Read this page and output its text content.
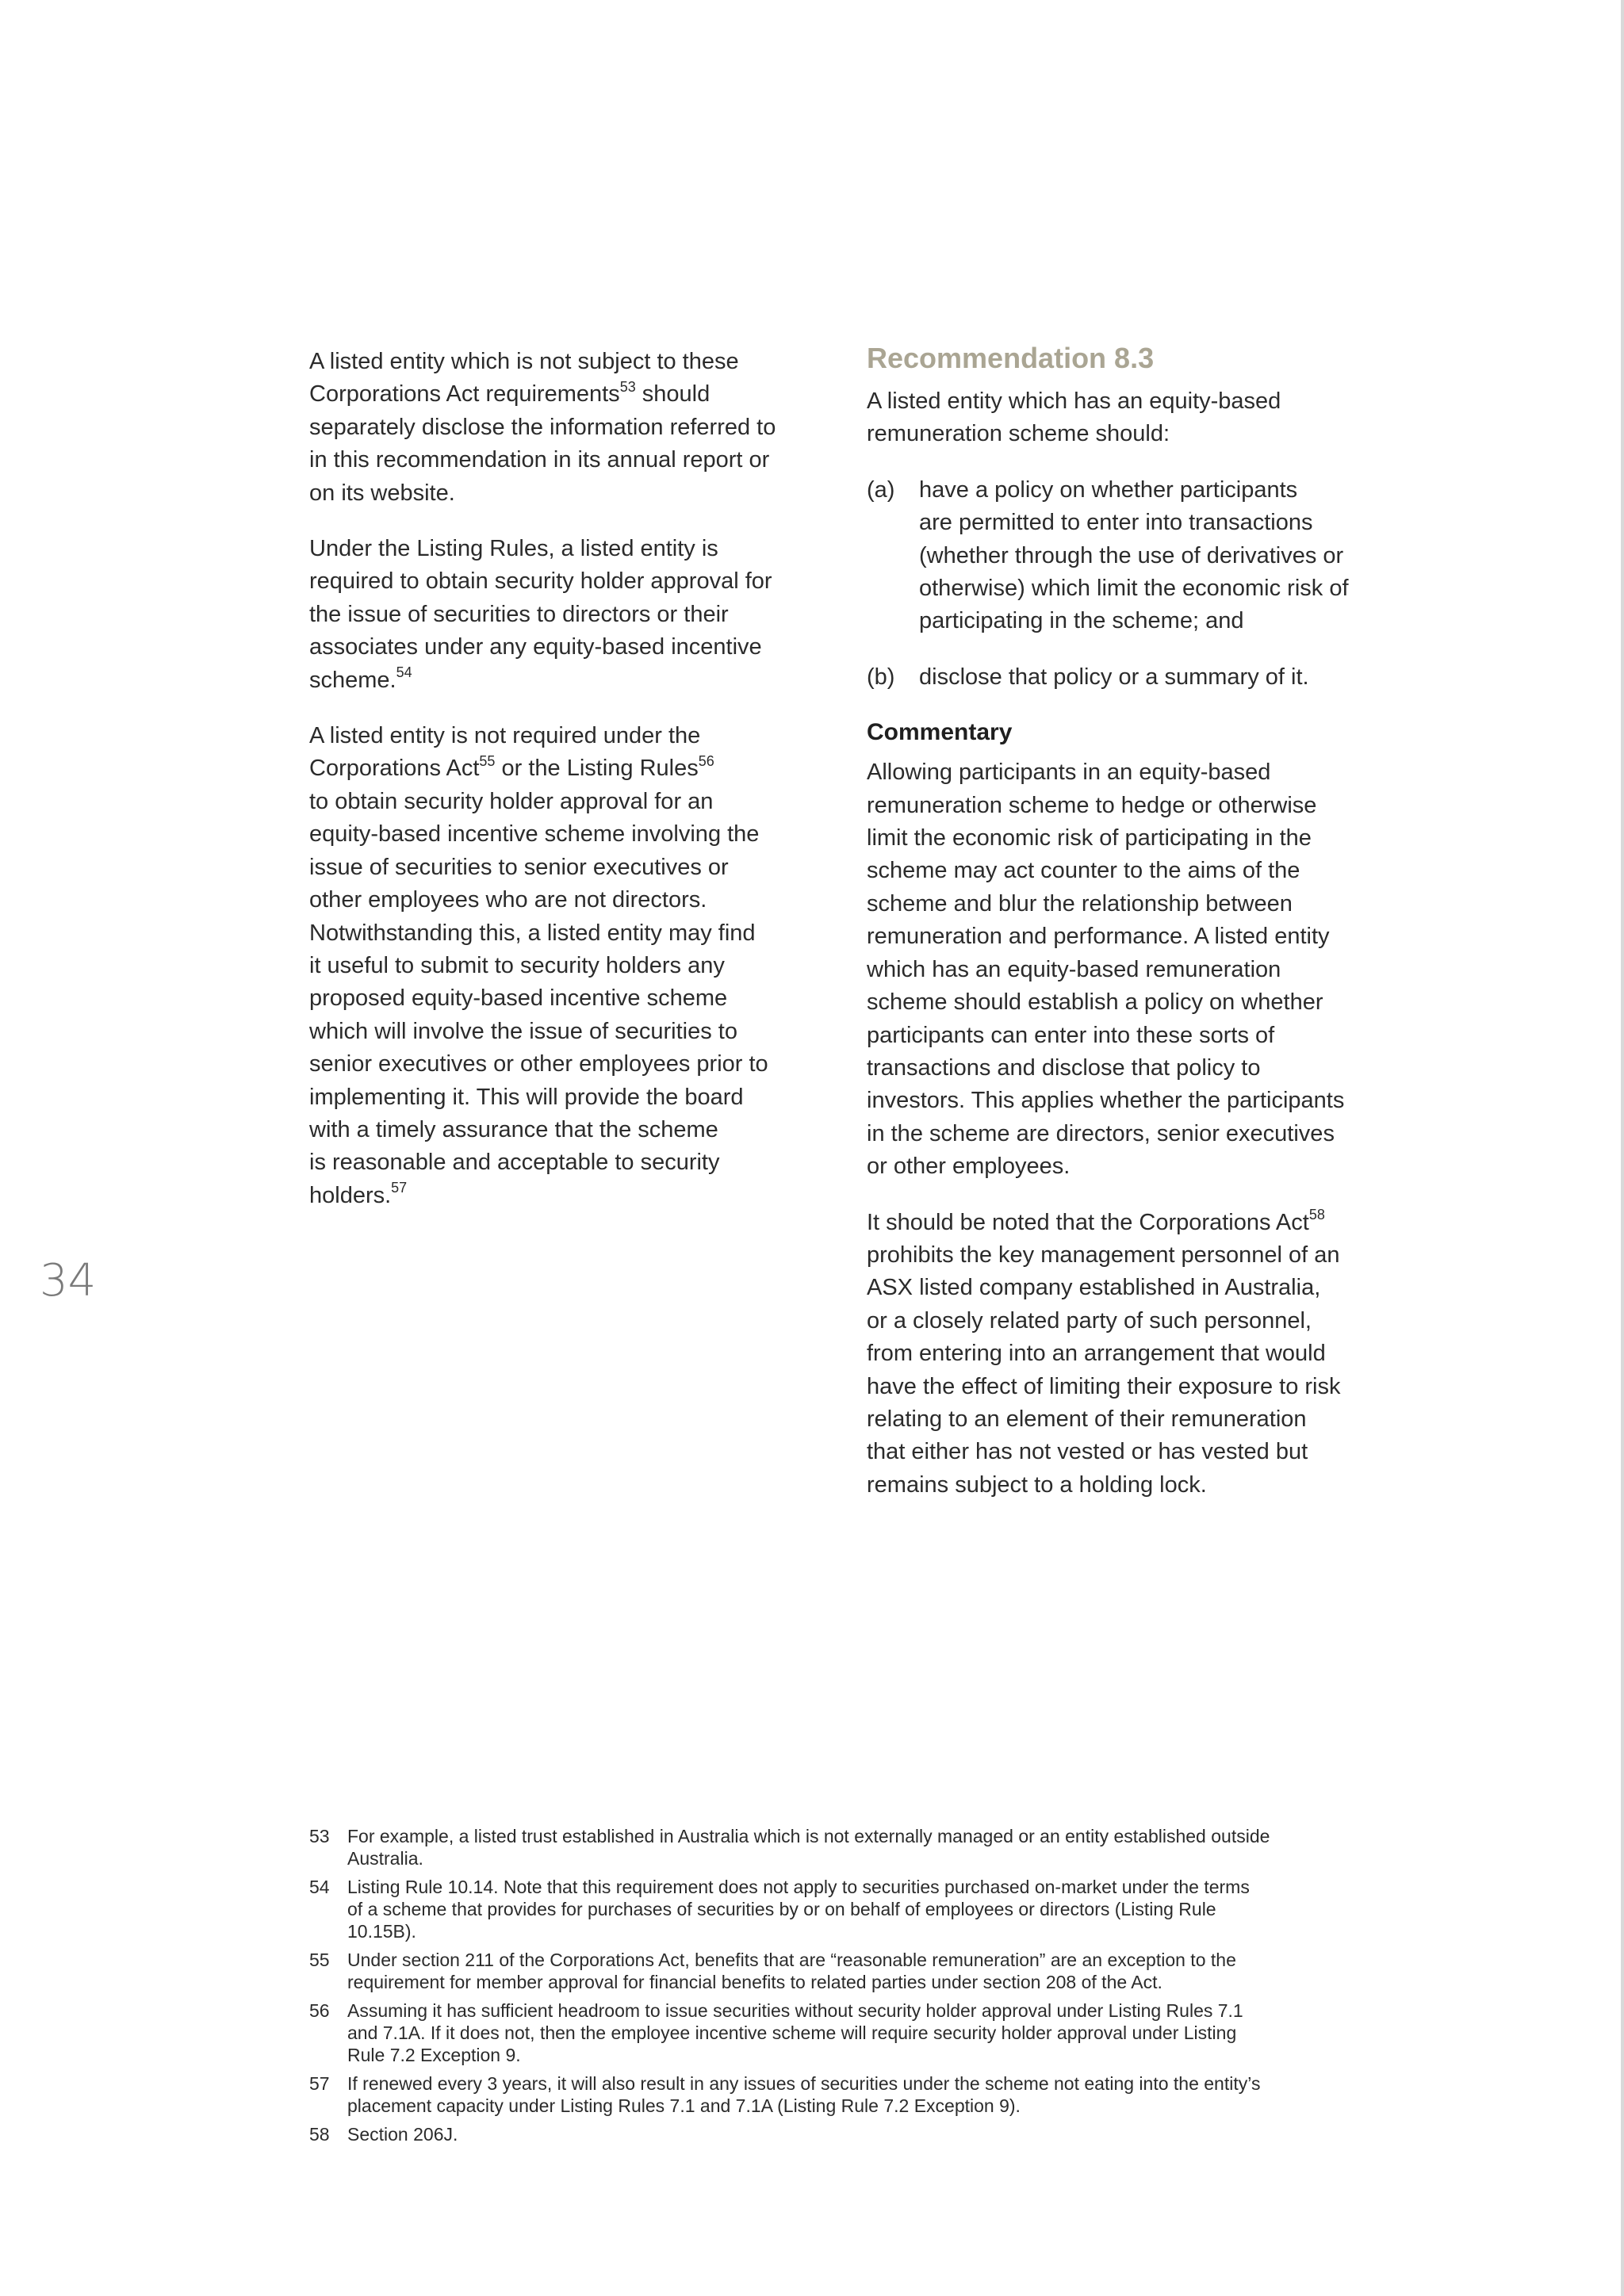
34

A listed entity which is not subject to these
Corporations Act requirements$^{53}$ should
separately disclose the information referred to
in this recommendation in its annual report or
on its website.

Under the Listing Rules, a listed entity is
required to obtain security holder approval for
the issue of securities to directors or their
associates under any equity-based incentive
scheme.$^{54}$

A listed entity is not required under the
Corporations Act$^{55}$ or the Listing Rules$^{56}$
to obtain security holder approval for an
equity-based incentive scheme involving the
issue of securities to senior executives or
other employees who are not directors.
Notwithstanding this, a listed entity may find
it useful to submit to security holders any
proposed equity-based incentive scheme
which will involve the issue of securities to
senior executives or other employees prior to
implementing it. This will provide the board
with a timely assurance that the scheme
is reasonable and acceptable to security
holders.$^{57}$

Recommendation 8.3

A listed entity which has an equity-based
remuneration scheme should:

(a)	have a policy on whether participants
are permitted to enter into transactions
(whether through the use of derivatives or
otherwise) which limit the economic risk of
participating in the scheme; and
(b)	disclose that policy or a summary of it.
Commentary

Allowing participants in an equity-based
remuneration scheme to hedge or otherwise
limit the economic risk of participating in the
scheme may act counter to the aims of the
scheme and blur the relationship between
remuneration and performance. A listed entity
which has an equity-based remuneration
scheme should establish a policy on whether
participants can enter into these sorts of
transactions and disclose that policy to
investors. This applies whether the participants
in the scheme are directors, senior executives
or other employees.

It should be noted that the Corporations Act$^{58}$
prohibits the key management personnel of an
ASX listed company established in Australia,
or a closely related party of such personnel,
from entering into an arrangement that would
have the effect of limiting their exposure to risk
relating to an element of their remuneration
that either has not vested or has vested but
remains subject to a holding lock.

53 For example, a listed trust established in Australia which is not externally managed or an entity established outside
Australia.
54 Listing Rule 10.14. Note that this requirement does not apply to securities purchased on-market under the terms
of a scheme that provides for purchases of securities by or on behalf of employees or directors (Listing Rule
10.15B).
55 Under section 211 of the Corporations Act, benefits that are “reasonable remuneration” are an exception to the
requirement for member approval for financial benefits to related parties under section 208 of the Act.
56 Assuming it has sufficient headroom to issue securities without security holder approval under Listing Rules 7.1
and 7.1A. If it does not, then the employee incentive scheme will require security holder approval under Listing
Rule 7.2 Exception 9.
57 If renewed every 3 years, it will also result in any issues of securities under the scheme not eating into the entity’s
placement capacity under Listing Rules 7.1 and 7.1A (Listing Rule 7.2 Exception 9).
58 Section 206J.
